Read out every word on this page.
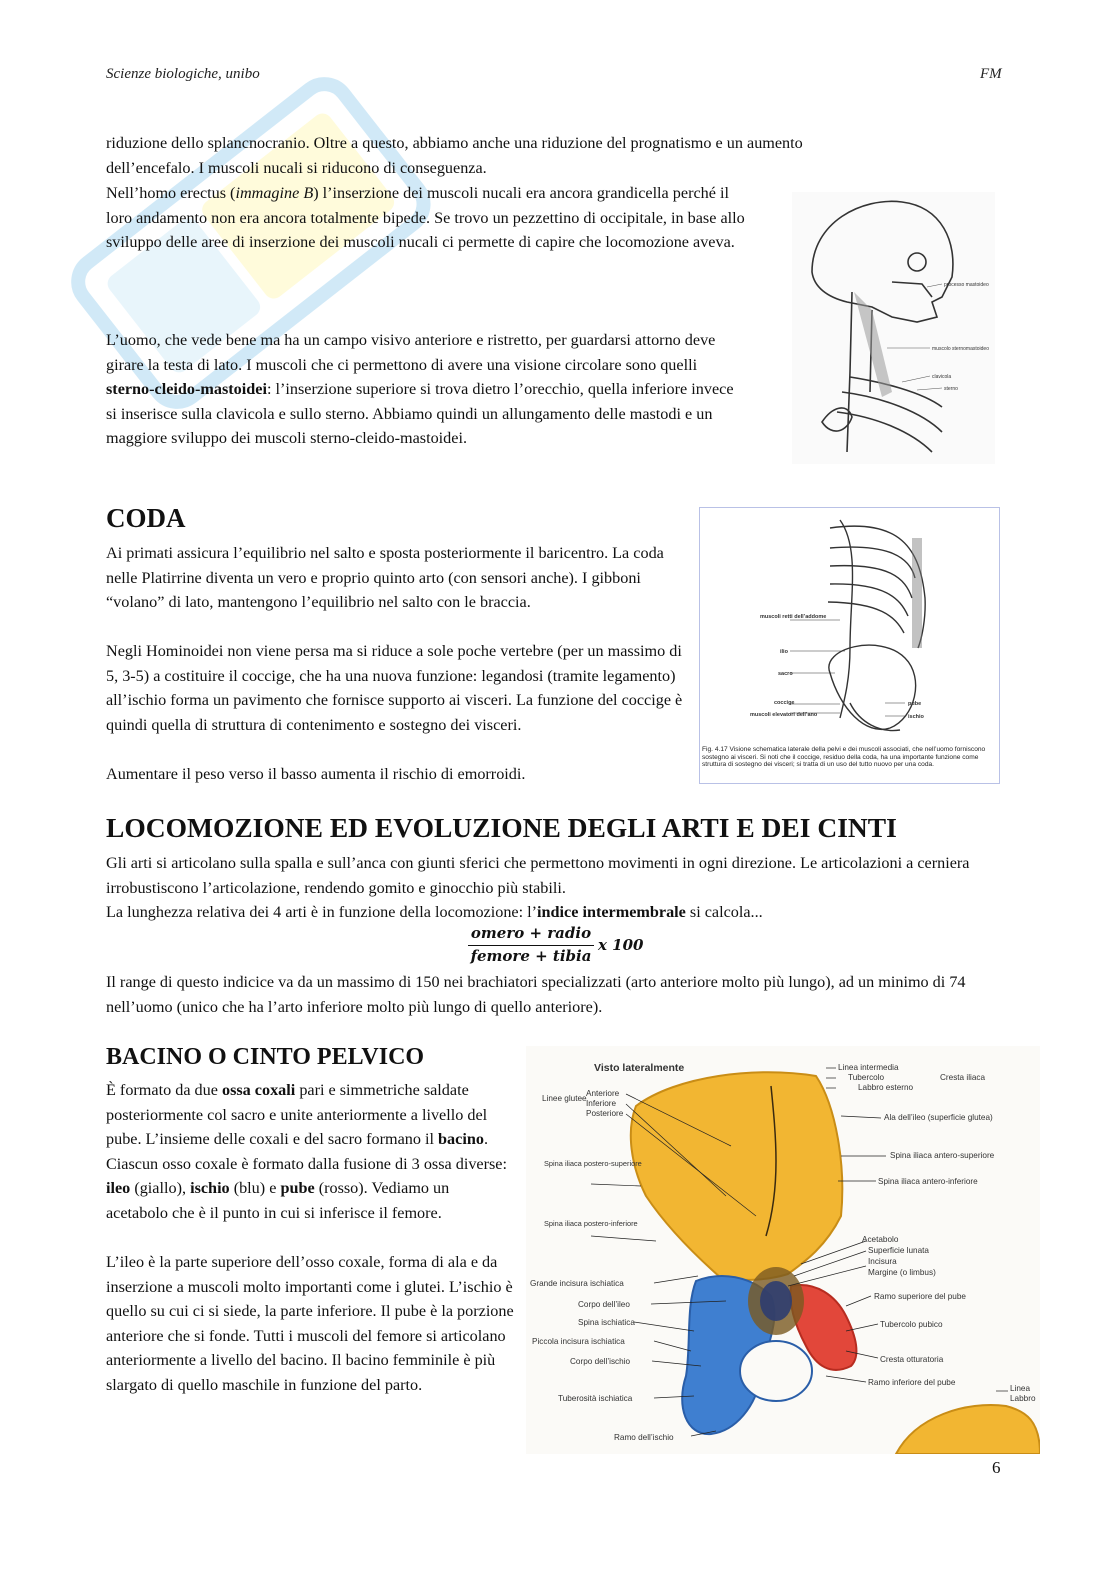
Scienze biologiche, unibo	FM
riduzione dello splancnocranio. Oltre a questo, abbiamo anche una riduzione del prognatismo e un aumento
dell’encefalo. I muscoli nucali si riducono di conseguenza.
Nell’homo erectus (immagine B) l’inserzione dei muscoli nucali era ancora grandicella perché il loro andamento non era ancora totalmente bipede. Se trovo un pezzettino di occipitale, in base allo sviluppo delle aree di inserzione dei muscoli nucali ci permette di capire che locomozione aveva.
L’uomo, che vede bene ma ha un campo visivo anteriore e ristretto, per guardarsi attorno deve girare la testa di lato. I muscoli che ci permettono di avere una visione circolare sono quelli sterno-cleido-mastoidei: l’inserzione superiore si trova dietro l’orecchio, quella inferiore invece si inserisce sulla clavicola e sullo sterno. Abbiamo quindi un allungamento delle mastodi e un maggiore sviluppo dei muscoli sterno-cleido-mastoidei.
processo mastoideo
muscolo sternomastoideo
clavicola
sterno
CODA
Ai primati assicura l’equilibrio nel salto e sposta posteriormente il baricentro. La coda nelle Platirrine diventa un vero e proprio quinto arto (con sensori anche). I gibboni “volano” di lato, mantengono l’equilibrio nel salto con le braccia.
Negli Hominoidei non viene persa ma si riduce a sole poche vertebre (per un massimo di 5, 3-5) a costituire il coccige, che ha una nuova funzione: legandosi (tramite legamento) all’ischio forma un pavimento che fornisce supporto ai visceri. La funzione del coccige è quindi quella di struttura di contenimento e sostegno dei visceri.
Aumentare il peso verso il basso aumenta il rischio di emorroidi.
muscoli retti dell’addome
ilio
sacro
coccige
muscoli elevatori dell’ano
pube
ischio
Fig. 4.17 Visione schematica laterale della pelvi e dei muscoli associati, che nell’uomo forniscono sostegno ai visceri. Si noti che il coccige, residuo della coda, ha una importante funzione come struttura di sostegno dei visceri; si tratta di un uso del tutto nuovo per una coda.
LOCOMOZIONE ED EVOLUZIONE DEGLI ARTI E DEI CINTI
Gli arti si articolano sulla spalla e sull’anca con giunti sferici che permettono movimenti in ogni direzione. Le articolazioni a cerniera irrobustiscono l’articolazione, rendendo gomito e ginocchio più stabili.
La lunghezza relativa dei 4 arti è in funzione della locomozione: l’indice intermembrale si calcola...
omero + radio
femore + tibia
x 100
Il range di questo indicice va da un massimo di 150 nei brachiatori specializzati (arto anteriore molto più lungo), ad un minimo di 74 nell’uomo (unico che ha l’arto inferiore molto più lungo di quello anteriore).
BACINO O CINTO PELVICO
È formato da due ossa coxali pari e simmetriche saldate posteriormente col sacro e unite anteriormente a livello del pube. L’insieme delle coxali e del sacro formano il bacino. Ciascun osso coxale è formato dalla fusione di 3 ossa diverse: ileo (giallo), ischio (blu) e pube (rosso). Vediamo un acetabolo che è il punto in cui si inferisce il femore.
L’ileo è la parte superiore dell’osso coxale, forma di ala e da inserzione a muscoli molto importanti come i glutei. L’ischio è quello su cui ci si siede, la parte inferiore. Il pube è la porzione anteriore che si fonde. Tutti i muscoli del femore si articolano anteriormente a livello del bacino. Il bacino femminile è più slargato di quello maschile in funzione del parto.
Visto lateralmente
Linee glutee
Anteriore
Inferiore
Posteriore
Spina iliaca postero-superiore
Spina iliaca postero-inferiore
Grande incisura ischiatica
Corpo dell’ileo
Spina ischiatica
Piccola incisura ischiatica
Corpo dell’ischio
Tuberosità ischiatica
Ramo dell’ischio
Linea intermedia
Tubercolo
Labbro esterno
Cresta iliaca
Ala dell’ileo (superficie glutea)
Spina iliaca antero-superiore
Spina iliaca antero-inferiore
Acetabolo
Superficie lunata
Incisura
Margine (o limbus)
Ramo superiore del pube
Tubercolo pubico
Cresta otturatoria
Ramo inferiore del pube
Linea
Labbro
6
